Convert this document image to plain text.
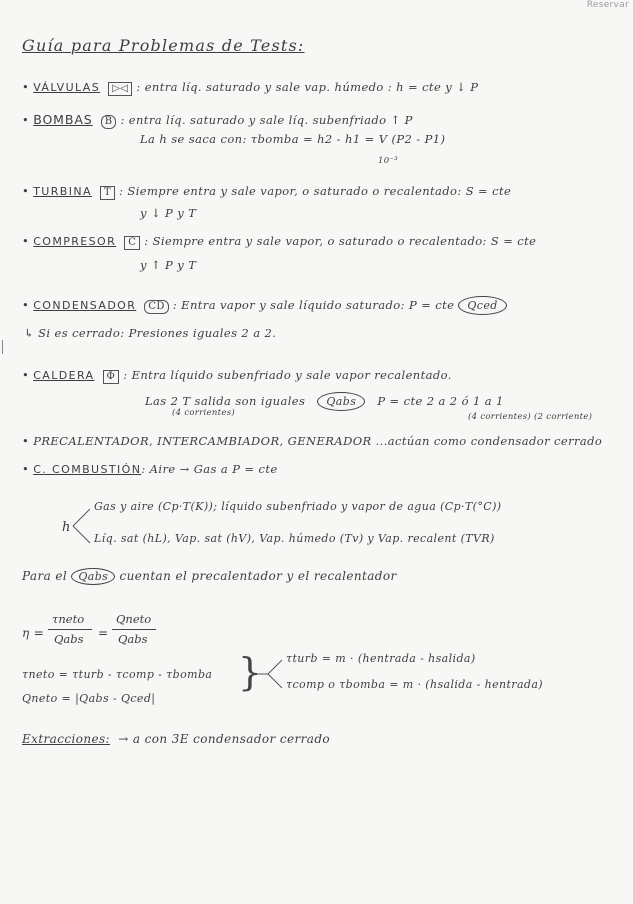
Reservar
Guía para Problemas de Tests:
• VÁLVULAS ▷◁ : entra líq. saturado y sale vap. húmedo : h = cte y ↓ P
• BOMBAS B : entra líq. saturado y sale líq. subenfriado ↑ P
La h se saca con: τbomba = h2 - h1 = V (P2 - P1)
10⁻³
• TURBINA T : Siempre entra y sale vapor, o saturado o recalentado: S = cte
y ↓ P y T
• COMPRESOR C : Siempre entra y sale vapor, o saturado o recalentado: S = cte
y ↑ P y T
• CONDENSADOR CD : Entra vapor y sale líquido saturado: P = cte Qced
↳ Si es cerrado: Presiones iguales 2 a 2.
• CALDERA Ф : Entra líquido subenfriado y sale vapor recalentado.
Las 2 T salida son iguales Qabs P = cte 2 a 2 ó 1 a 1
(4 corrientes)	(4 corrientes) (2 corriente)
• PRECALENTADOR, INTERCAMBIADOR, GENERADOR ...actúan como condensador cerrado
• C. COMBUSTIÓN: Aire → Gas a P = cte
h
Gas y aire (Cp·T(K)); líquido subenfriado y vapor de agua (Cp·T(°C))
Líq. sat (hL), Vap. sat (hV), Vap. húmedo (Tv) y Vap. recalent (TVR)
Para el Qabs cuentan el precalentador y el recalentador
η =
τneto
Qabs =
Qneto
Qabs
τneto = τturb - τcomp - τbomba
Qneto = |Qabs - Qced|
} τturb = m · (hentrada - hsalida)
τcomp o τbomba = m · (hsalida - hentrada)
Extracciones: → a con 3E condensador cerrado
